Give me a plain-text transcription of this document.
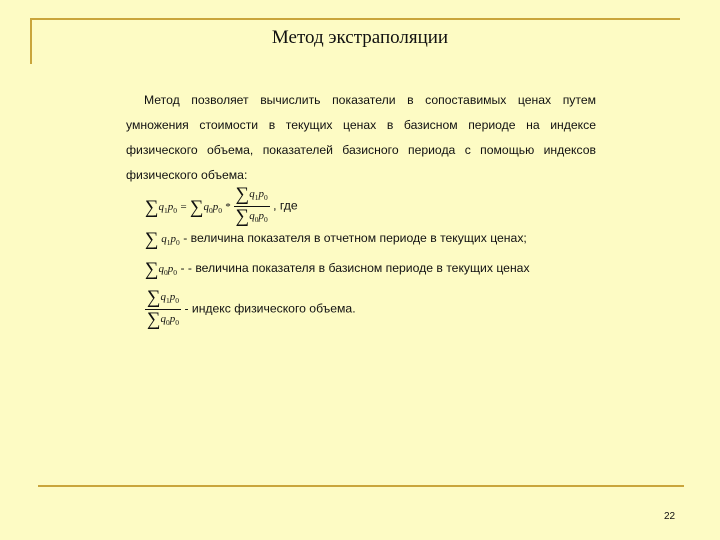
Метод экстраполяции
Метод позволяет вычислить показатели в сопоставимых ценах путем умножения стоимости в текущих ценах в базисном периоде на индексе физического объема, показателей базисного периода с помощью индексов физического объема:
$\sum q_1p_0 = \sum q_0p_0 * \frac{\sum q_1p_0}{\sum q_0p_0}$ , где
∑ $q_1p_0$ - величина показателя в отчетном периоде в текущих ценах;
$\sum q_0p_0$ - - величина показателя в базисном периоде в текущих ценах
$\frac{\sum q_1p_0}{\sum q_0p_0}$ - индекс физического объема.
22
